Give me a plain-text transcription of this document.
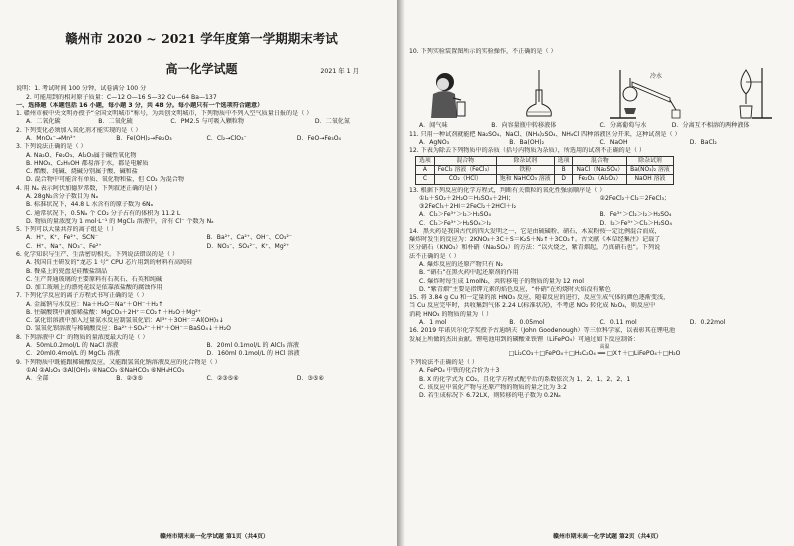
赣州市 2020 ~ 2021 学年度第一学期期末考试
高一化学试题	2021 年 1 月

说明：1. 考试时间 100 分钟，试卷满分 100 分

2. 可能用到的相对原子质量：C—12 O—16 S—32 Cu—64 Ba—137

一、选择题（本题包括 16 小题，每小题 3 分，共 48 分。每小题只有一个选项符合题意）

1. 赣州市被中央文明办授予“全国文明城市”称号，为共创文明城市，下列物质中不列入空气质量日报的是（ ）

A．二氧化碳	B．二氧化硫	C．PM2.5 与可吸入颗粒物	D．二氧化氮

2. 下列变化必须加入氧化剂才能实现的是（ ）

A．MnO₄⁻→Mn²⁺	B．Fe(OH)₂→Fe₂O₃	C．Cl₂→ClO₃⁻	D．FeO→Fe₃O₄

3. 下列说法正确的是（ ）

A. Na₂O、Fe₂O₃、Al₂O₃属于碱性氧化物

B. HNO₃、C₂H₅OH 都易溶于水，都是电解质

C. 醋酸、纯碱、烧碱分别属于酸、碱和盐

D. 混合物中可能含有单质、氧化物和盐，但 CO₂ 为混合物

4. 用 Nₐ 表示阿伏加德罗常数，下列叙述正确的是( )

A. 28gN₂含分子数目为 Nₐ

B. 标准状况下，44.8 L 水含有的原子数为 6Nₐ

C. 通常状况下，0.5Nₐ 个 CO₂ 分子占有的体积为 11.2 L

D. 物质的量浓度为 1 mol·L⁻¹ 的 MgCl₂ 溶液中，含有 Cl⁻ 个数为 Nₐ

5. 下列可以大量共存的离子组是（ ）

A．H⁺、K⁺、Fe²⁺、SCN⁻	B．Ba²⁺、Ca²⁺、OH⁻、CO₃²⁻
C．H⁺、Na⁺、NO₃⁻、Fe²⁺	D．NO₃⁻、SO₄²⁻、K⁺、Mg²⁺

6. 化学知识与生产、生活密切相关。下列说法错误的是（ ）

A. 我国自主研发的“龙芯 1 号” CPU 芯片用到的材料有高纯硅

B. 餐桌上的瓷盘是硅酸盐制品

C. 生产普通玻璃的主要原料有石灰石、石英和纯碱

D. 加工玻璃上的漂亮花纹是依靠浓盐酸的腐蚀作用

7. 下列化学反应的离子方程式书写正确的是（ ）

A. 金属钠与水反应：Na＋H₂O＝Na⁺＋OH⁻＋H₂↑

B. 往碳酸镁中滴加稀盐酸：MgCO₃＋2H⁺＝CO₂↑＋H₂O＋Mg²⁺

C. 氯化铝溶液中加入过量氨水反应制氢氧化铝：Al³⁺＋3OH⁻＝Al(OH)₃↓

D. 氢氧化钡溶液与稀硫酸反应：Ba²⁺＋SO₄²⁻＋H⁺＋OH⁻＝BaSO₄↓＋H₂O

8. 下列溶液中 Cl⁻ 的物质的量浓度最大的是（ ）

A．50mL0.2mol/L 的 NaCl 溶液	B．20ml 0.1mol/L 的 AlCl₃ 溶液
C．20ml0.4mol/L 的 MgCl₂ 溶液	D．160ml 0.1mol/L 的 HCl 溶液

9. 下列物质中既能跟稀硫酸反应，又能跟氢氧化钠溶液反应的化合物是（ ）

①Al ②Al₂O₃ ③Al(OH)₃ ④NaCO₃ ⑤NaHCO₃ ⑥NH₄HCO₃

A．全部	B．②③⑤	C．②③⑤⑥	D．③⑤⑥
赣州市期末高一化学试题 第1页（共4页）

10. 下列实验装置图所示的实验操作，不正确的是（ ）

冷水
A．闻气味	B．向容量瓶中转移液体	C．分离葡萄与水	D．分离互不相溶的两种液体

11. 只用一种试剂就能把 Na₂SO₄、NaCl、(NH₄)₂SO₄、NH₄Cl 四种溶液区分开来，这种试剂是（ ）

A．AgNO₃	B．Ba(OH)₂	C．NaOH	D．BaCl₂

12. 下表为除去下列物质中的杂质（括号内物质为杂质），所选用的试剂不正确的是（ ）

选项	混合物	除杂试剂	选项	混合物	除杂试剂
A	FeCl₂ 溶液（FeCl₃）	铁粉	B	NaCl（Na₂SO₄）	Ba(NO₃)₂ 溶液
C	CO₂（HCl）	饱和 NaHCO₃ 溶液	D	Fe₂O₃（Al₂O₃）	NaOH 溶液

13. 根据下列反应的化学方程式，判断有关微粒的氧化性强弱顺序是（ ）

①I₂＋SO₂＋2H₂O＝H₂SO₄＋2HI；	②2FeCl₂＋Cl₂＝2FeCl₃；

③2FeCl₃＋2HI＝2FeCl₂＋2HCl＋I₂

A．Cl₂＞Fe³⁺＞I₂＞H₂SO₄	B．Fe³⁺＞Cl₂＞I₂＞H₂SO₄
C．Cl₂＞Fe³⁺＞H₂SO₄＞I₂	D．I₂＞Fe³⁺＞Cl₂＞H₂SO₄

14．黑火药是我国古代的四大发明之一，它是由硫磺粉、硝石、木炭粉按一定比例混合而成，

爆炸时发生的反应为：2KNO₃＋3C＋S＝K₂S＋N₂↑＋3CO₂↑。古文献《本草经集注》记载了

区分硝石（KNO₃）和朴硝（Na₂SO₄）的方法：“以火烧之，紫青烟起，乃真硝石也”。下列说

法不正确的是（ ）

A. 爆炸反应的还原产物只有 N₂

B. “硝石”在黑火药中起还原剂的作用

C. 爆炸时每生成 1molN₂，共转移电子的物质的量为 12 mol

D. “紫青烟”主要是指钾元素的焰色反应，“朴硝”在灼烧时火焰没有紫色

15. 将 3.84 g Cu 和一定量的浓 HNO₃ 反应，随着反应的进行，反应生成气体的颜色逐渐变浅，

当 Cu 反应完毕时，共收集到气体 2.24 L(标准状况)，不考虑 NO₂ 转化成 N₂O₄，则反应中

消耗 HNO₃ 的物质的量为（ ）

A．1 mol	B．0.05mol	C．0.11 mol	D．0.22mol

16. 2019 年诺贝尔化学奖授予古迪纳夫（John Goodenough）等三位科学家，以表彰其在锂电池

发展上所做的杰出贡献。锂电池用到的磷酸亚铁锂（LiFePO₄）可通过如下反应制备：

高温
□Li₂CO₃＋□FePO₄＋□H₂C₂O₄ ══ □X↑＋□LiFePO₄＋□H₂O

下列说法不正确的是（ ）

A. FePO₄ 中铁的化合价为＋3

B. X 的化学式为 CO₂，且化学方程式配平后的系数依次为 1、2、1、2、2、1

C. 该反应中氧化产物与还原产物的物质的量之比为 3:2

D. 若生成标况下 6.72LX，则转移的电子数为 0.2Nₐ

赣州市期末高一化学试题 第2页（共4页）
